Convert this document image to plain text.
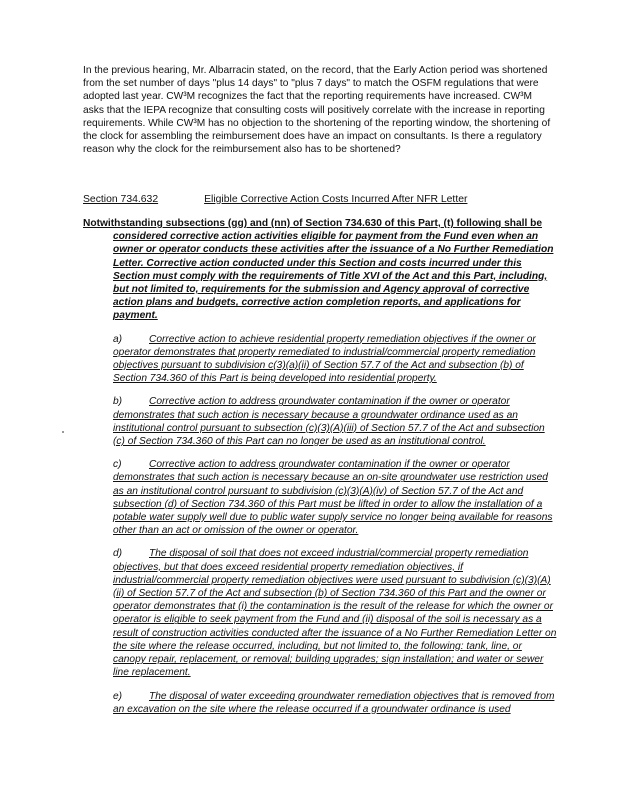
In the previous hearing, Mr. Albarracin stated, on the record, that the Early Action period was shortened from the set number of days "plus 14 days" to "plus 7 days" to match the OSFM regulations that were adopted last year. CW³M recognizes the fact that the reporting requirements have increased. CW³M asks that the IEPA recognize that consulting costs will positively correlate with the increase in reporting requirements. While CW³M has no objection to the shortening of the reporting window, the shortening of the clock for assembling the reimbursement does have an impact on consultants. Is there a regulatory reason why the clock for the reimbursement also has to be shortened?
Section 734.632	Eligible Corrective Action Costs Incurred After NFR Letter

Notwithstanding subsections (gg) and (nn) of Section 734.630 of this Part, (t) following shall be considered corrective action activities eligible for payment from the Fund even when an owner or operator conducts these activities after the issuance of a No Further Remediation Letter. Corrective action conducted under this Section and costs incurred under this Section must comply with the requirements of Title XVI of the Act and this Part, including, but not limited to, requirements for the submission and Agency approval of corrective action plans and budgets, corrective action completion reports, and applications for payment.

a)	Corrective action to achieve residential property remediation objectives if the owner or operator demonstrates that property remediated to industrial/commercial property remediation objectives pursuant to subdivision c(3)(a)(ii) of Section 57.7 of the Act and subsection (b) of Section 734.360 of this Part is being developed into residential property.

b)	Corrective action to address groundwater contamination if the owner or operator demonstrates that such action is necessary because a groundwater ordinance used as an institutional control pursuant to subsection (c)(3)(A)(iii) of Section 57.7 of the Act and subsection (c) of Section 734.360 of this Part can no longer be used as an institutional control.

c)	Corrective action to address groundwater contamination if the owner or operator demonstrates that such action is necessary because an on-site groundwater use restriction used as an institutional control pursuant to subdivision (c)(3)(A)(iv) of Section 57.7 of the Act and subsection (d) of Section 734.360 of this Part must be lifted in order to allow the installation of a potable water supply well due to public water supply service no longer being available for reasons other than an act or omission of the owner or operator.

d)	The disposal of soil that does not exceed industrial/commercial property remediation objectives, but that does exceed residential property remediation objectives, if industrial/commercial property remediation objectives were used pursuant to subdivision (c)(3)(A)(ii) of Section 57.7 of the Act and subsection (b) of Section 734.360 of this Part and the owner or operator demonstrates that (i) the contamination is the result of the release for which the owner or operator is eligible to seek payment from the Fund and (ii) disposal of the soil is necessary as a result of construction activities conducted after the issuance of a No Further Remediation Letter on the site where the release occurred, including, but not limited to, the following: tank, line, or canopy repair, replacement, or removal; building upgrades; sign installation; and water or sewer line replacement.

e)	The disposal of water exceeding groundwater remediation objectives that is removed from an excavation on the site where the release occurred if a groundwater ordinance is used
